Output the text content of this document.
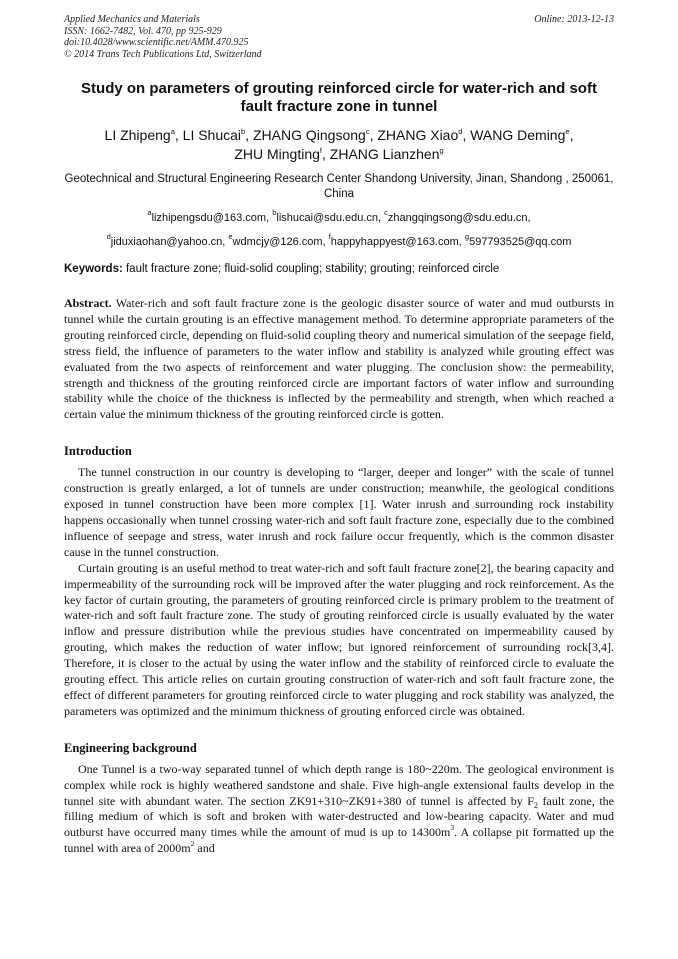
Applied Mechanics and Materials
ISSN: 1662-7482, Vol. 470, pp 925-929
doi:10.4028/www.scientific.net/AMM.470.925
© 2014 Trans Tech Publications Ltd, Switzerland
Online: 2013-12-13
Study on parameters of grouting reinforced circle for water-rich and soft fault fracture zone in tunnel
LI Zhipeng$^a$, LI Shucai$^b$, ZHANG Qingsong$^c$, ZHANG Xiao$^d$, WANG Deming$^e$,
ZHU Mingting$^f$, ZHANG Lianzhen$^g$
Geotechnical and Structural Engineering Research Center Shandong University, Jinan, Shandong , 250061, China
$^a$lizhipengsdu@163.com, $^b$lishucai@sdu.edu.cn, $^c$zhangqingsong@sdu.edu.cn,
$^d$jiduxiaohan@yahoo.cn, $^e$wdmcjy@126.com, $^f$happyhappyest@163.com, $^g$597793525@qq.com
Keywords: fault fracture zone; fluid-solid coupling; stability; grouting; reinforced circle
Abstract. Water-rich and soft fault fracture zone is the geologic disaster source of water and mud outbursts in tunnel while the curtain grouting is an effective management method. To determine appropriate parameters of the grouting reinforced circle, depending on fluid-solid coupling theory and numerical simulation of the seepage field, stress field, the influence of parameters to the water inflow and stability is analyzed while grouting effect was evaluated from the two aspects of reinforcement and water plugging. The conclusion show: the permeability, strength and thickness of the grouting reinforced circle are important factors of water inflow and surrounding stability while the choice of the thickness is inflected by the permeability and strength, when which reached a certain value the minimum thickness of the grouting reinforced circle is gotten.
Introduction

The tunnel construction in our country is developing to “larger, deeper and longer” with the scale of tunnel construction is greatly enlarged, a lot of tunnels are under construction; meanwhile, the geological conditions exposed in tunnel construction have been more complex [1]. Water inrush and surrounding rock instability happens occasionally when tunnel crossing water-rich and soft fault fracture zone, especially due to the combined influence of seepage and stress, water inrush and rock failure occur frequently, which is the common disaster cause in the tunnel construction.

Curtain grouting is an useful method to treat water-rich and soft fault fracture zone[2], the bearing capacity and impermeability of the surrounding rock will be improved after the water plugging and rock reinforcement. As the key factor of curtain grouting, the parameters of grouting reinforced circle is primary problem to the treatment of water-rich and soft fault fracture zone. The study of grouting reinforced circle is usually evaluated by the water inflow and pressure distribution while the previous studies have concentrated on impermeability caused by grouting, which makes the reduction of water inflow; but ignored reinforcement of surrounding rock[3,4]. Therefore, it is closer to the actual by using the water inflow and the stability of reinforced circle to evaluate the grouting effect. This article relies on curtain grouting construction of water-rich and soft fault fracture zone, the effect of different parameters for grouting reinforced circle to water plugging and rock stability was analyzed, the parameters was optimized and the minimum thickness of grouting enforced circle was obtained.

Engineering background

One Tunnel is a two-way separated tunnel of which depth range is 180~220m. The geological environment is complex while rock is highly weathered sandstone and shale. Five high-angle extensional faults develop in the tunnel site with abundant water. The section ZK91+310~ZK91+380 of tunnel is affected by $F_2$ fault zone, the filling medium of which is soft and broken with water-destructed and low-bearing capacity. Water and mud outburst have occurred many times while the amount of mud is up to $14300m^3$. A collapse pit formatted up the tunnel with area of $2000m^2$ and
